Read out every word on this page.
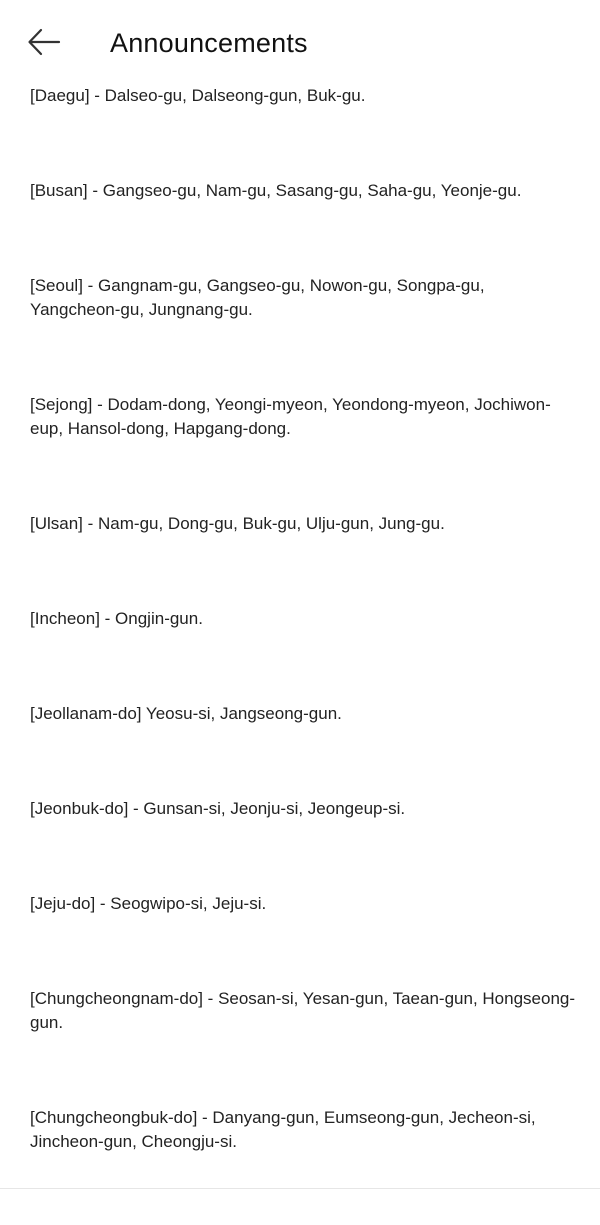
Announcements

[Daegu] - Dalseo-gu, Dalseong-gun, Buk-gu.

[Busan] - Gangseo-gu, Nam-gu, Sasang-gu, Saha-gu, Yeonje-gu.

[Seoul] - Gangnam-gu, Gangseo-gu, Nowon-gu, Songpa-gu, Yangcheon-gu, Jungnang-gu.

[Sejong] - Dodam-dong, Yeongi-myeon, Yeondong-myeon, Jochiwon-eup, Hansol-dong, Hapgang-dong.

[Ulsan] - Nam-gu, Dong-gu, Buk-gu, Ulju-gun, Jung-gu.

[Incheon] - Ongjin-gun.

[Jeollanam-do] Yeosu-si, Jangseong-gun.

[Jeonbuk-do] - Gunsan-si, Jeonju-si, Jeongeup-si.

[Jeju-do] - Seogwipo-si, Jeju-si.

[Chungcheongnam-do] - Seosan-si, Yesan-gun, Taean-gun, Hongseong-gun.

[Chungcheongbuk-do] - Danyang-gun, Eumseong-gun, Jecheon-si, Jincheon-gun, Cheongju-si.
